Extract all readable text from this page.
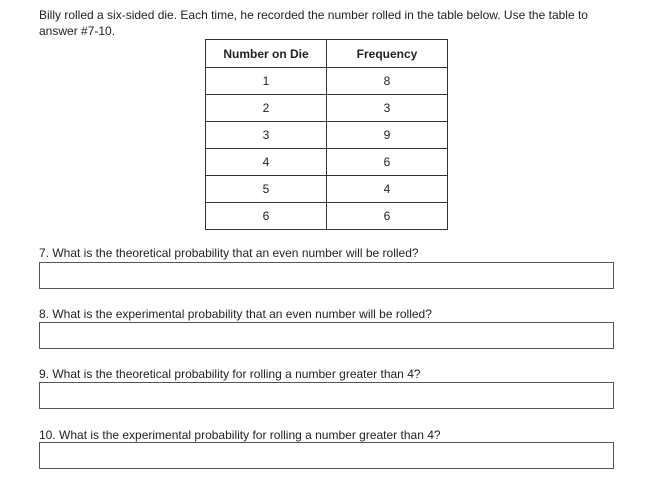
Billy rolled a six-sided die. Each time, he recorded the number rolled in the table below. Use the table to answer #7-10.

Number on Die	Frequency
1	8
2	3
3	9
4	6
5	4
6	6

7. What is the theoretical probability that an even number will be rolled?

8. What is the experimental probability that an even number will be rolled?

9. What is the theoretical probability for rolling a number greater than 4?

10. What is the experimental probability for rolling a number greater than 4?
